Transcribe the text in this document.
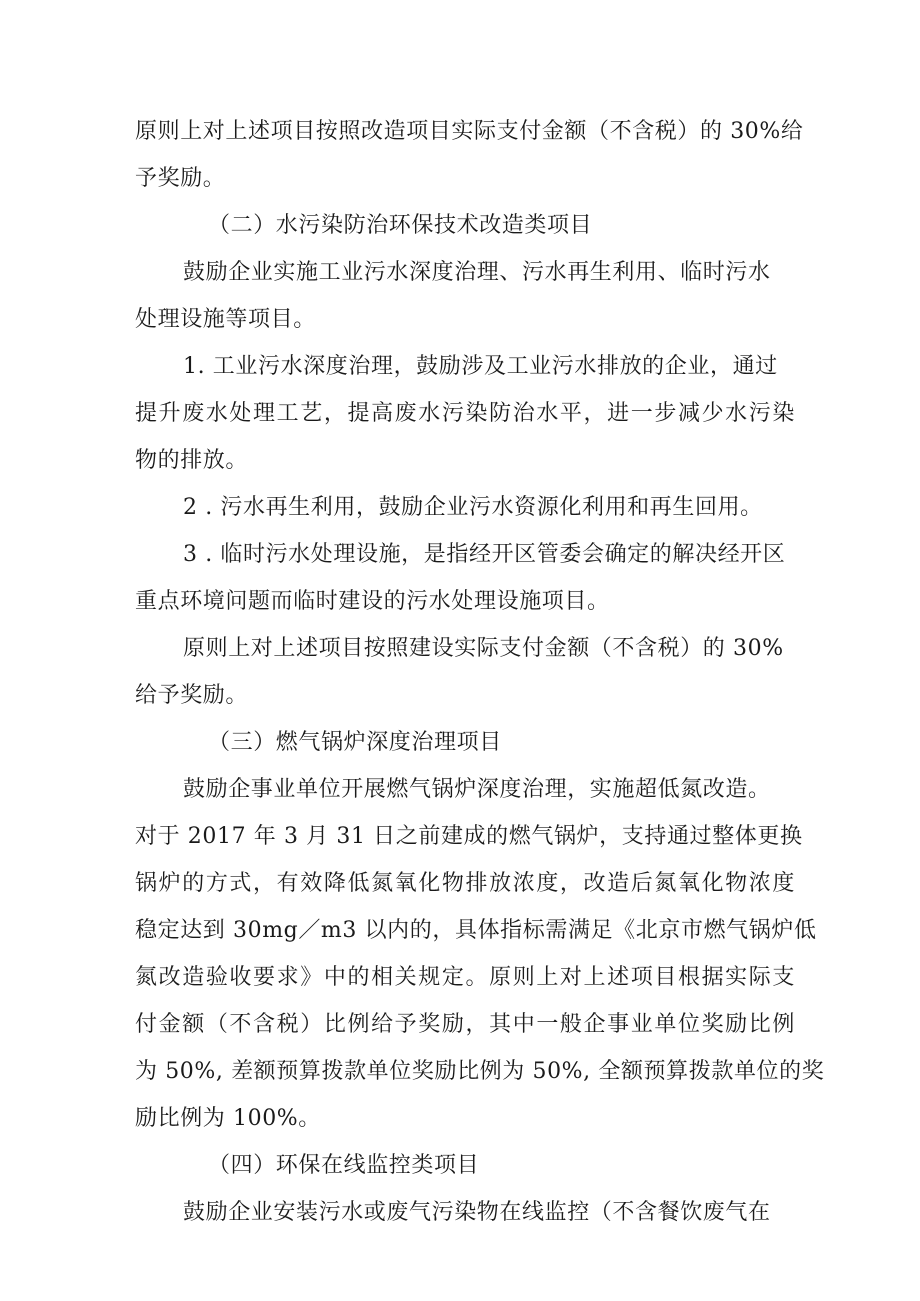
原则上对上述项目按照改造项目实际支付金额（不含税）的 30%给
予奖励。
（二）水污染防治环保技术改造类项目
鼓励企业实施工业污水深度治理、污水再生利用、临时污水
处理设施等项目。
1. 工业污水深度治理，鼓励涉及工业污水排放的企业，通过
提升废水处理工艺，提高废水污染防治水平，进一步减少水污染
物的排放。
2 . 污水再生利用，鼓励企业污水资源化利用和再生回用。
3 . 临时污水处理设施，是指经开区管委会确定的解决经开区
重点环境问题而临时建设的污水处理设施项目。
原则上对上述项目按照建设实际支付金额（不含税）的 30%
给予奖励。
（三）燃气锅炉深度治理项目
鼓励企事业单位开展燃气锅炉深度治理，实施超低氮改造。
对于 2017 年 3 月 31 日之前建成的燃气锅炉，支持通过整体更换
锅炉的方式，有效降低氮氧化物排放浓度，改造后氮氧化物浓度
稳定达到 30mg／m3 以内的，具体指标需满足《北京市燃气锅炉低
氮改造验收要求》中的相关规定。原则上对上述项目根据实际支
付金额（不含税）比例给予奖励，其中一般企事业单位奖励比例
为 50%, 差额预算拨款单位奖励比例为 50%, 全额预算拨款单位的奖
励比例为 100%。
（四）环保在线监控类项目
鼓励企业安装污水或废气污染物在线监控（不含餐饮废气在
